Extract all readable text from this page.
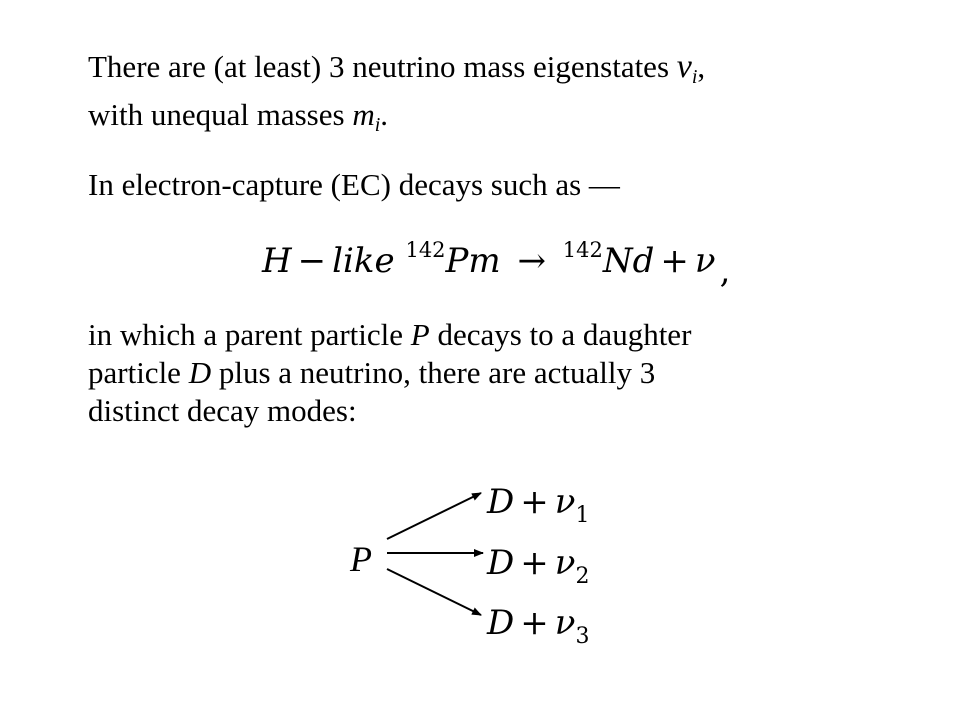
There are (at least) 3 neutrino mass eigenstates $\nu_i$,
with unequal masses $m_i$.
In electron-capture (EC) decays such as —
H − like $^{142}$Pm → $^{142}$Nd + ν ,
in which a parent particle P decays to a daughter
particle D plus a neutrino, there are actually 3
distinct decay modes:
P
$D + \nu_1$
$D + \nu_2$
$D + \nu_3$
